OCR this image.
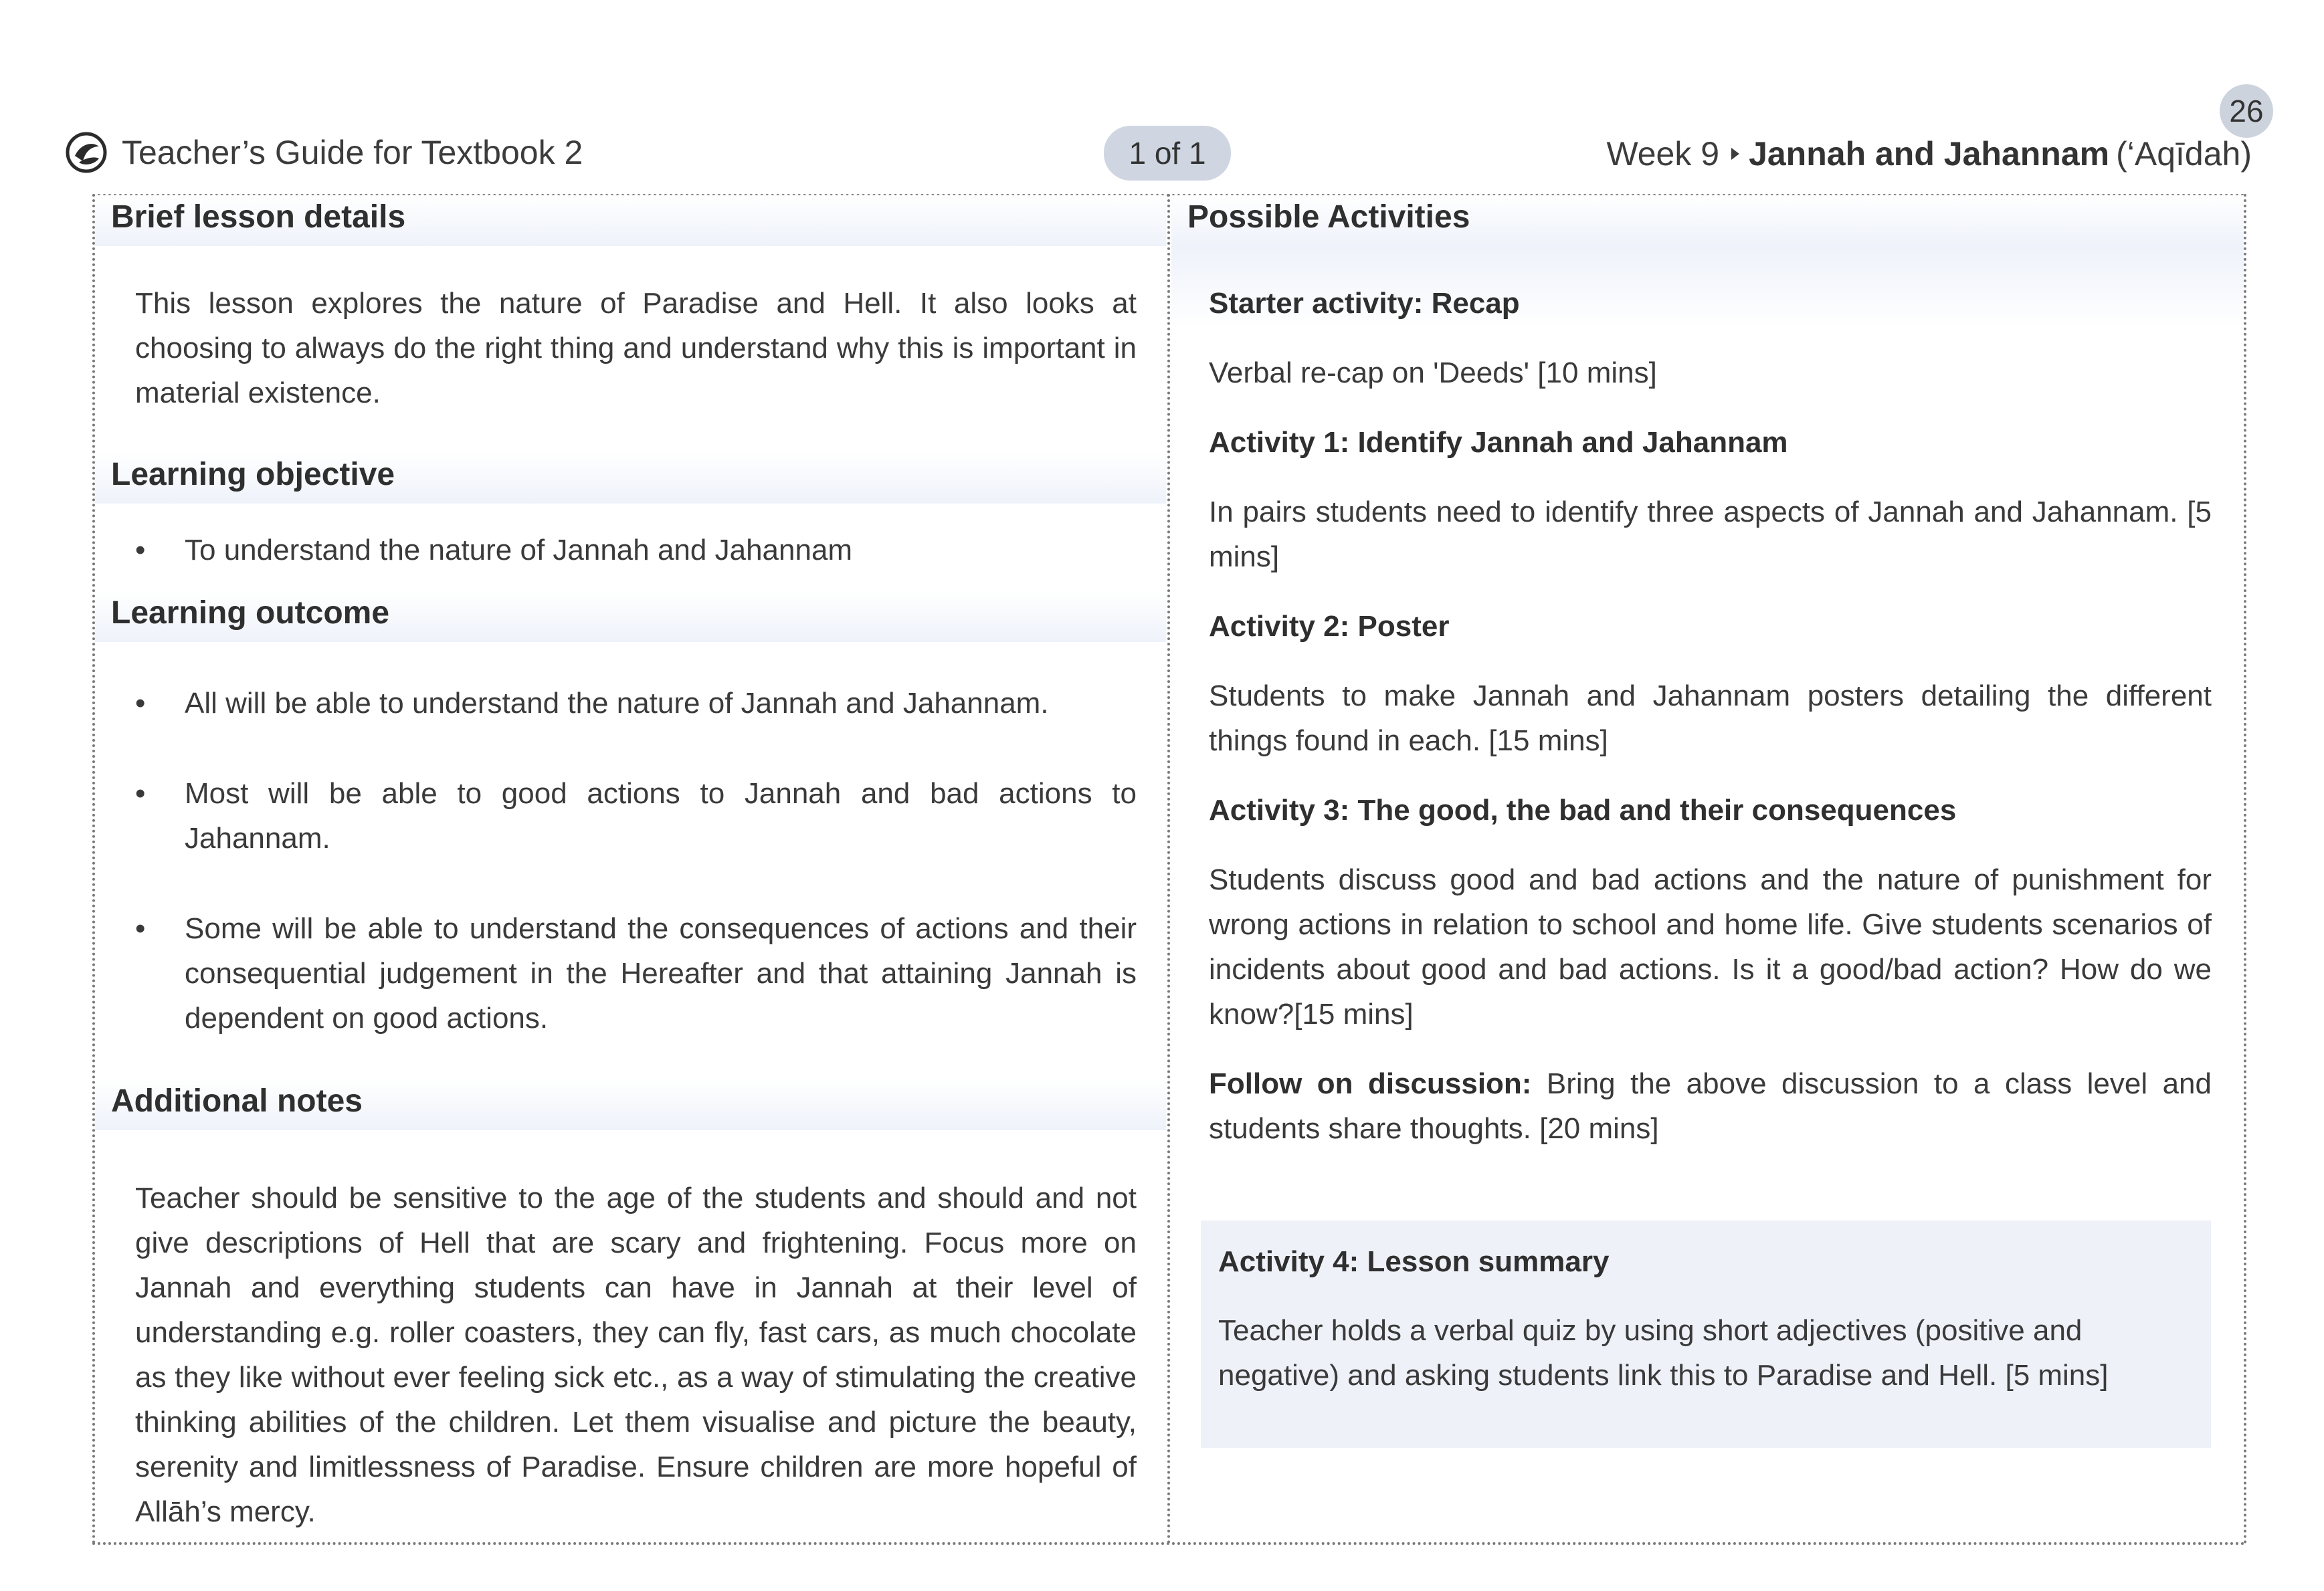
Teacher’s Guide for Textbook 2	1 of 1
26
Week 9 Jannah and Jahannam (‘Aqīdah)
Brief lesson details

This lesson explores the nature of Paradise and Hell. It also looks at choosing to always do the right thing and understand why this is important in material existence.

Learning objective
•	To understand the nature of Jannah and Jahannam
Learning outcome
•	All will be able to understand the nature of Jannah and Jahannam.
•	Most will be able to good actions to Jannah and bad actions to Jahannam.
•	Some will be able to understand the consequences of actions and their consequential judgement in the Hereafter and that attaining Jannah is dependent on good actions.
Additional notes

Teacher should be sensitive to the age of the students and should and not give descriptions of Hell that are scary and frightening. Focus more on Jannah and everything students can have in Jannah at their level of understanding e.g. roller coasters, they can fly, fast cars, as much chocolate as they like without ever feeling sick etc., as a way of stimulating the creative thinking abilities of the children. Let them visualise and picture the beauty, serenity and limitlessness of Paradise. Ensure children are more hopeful of Allāh’s mercy.

Possible Activities
Starter activity: Recap

Verbal re-cap on 'Deeds' [10 mins]

Activity 1: Identify Jannah and Jahannam

In pairs students need to identify three aspects of Jannah and Jahannam. [5 mins]

Activity 2: Poster

Students to make Jannah and Jahannam posters detailing the different things found in each. [15 mins]

Activity 3: The good, the bad and their consequences

Students discuss good and bad actions and the nature of punishment for wrong actions in relation to school and home life. Give students scenarios of incidents about good and bad actions. Is it a good/bad action? How do we know?[15 mins]

Follow on discussion: Bring the above discussion to a class level and students share thoughts. [20 mins]

Activity 4: Lesson summary

Teacher holds a verbal quiz by using short adjectives (positive and negative) and asking students link this to Paradise and Hell. [5 mins]
